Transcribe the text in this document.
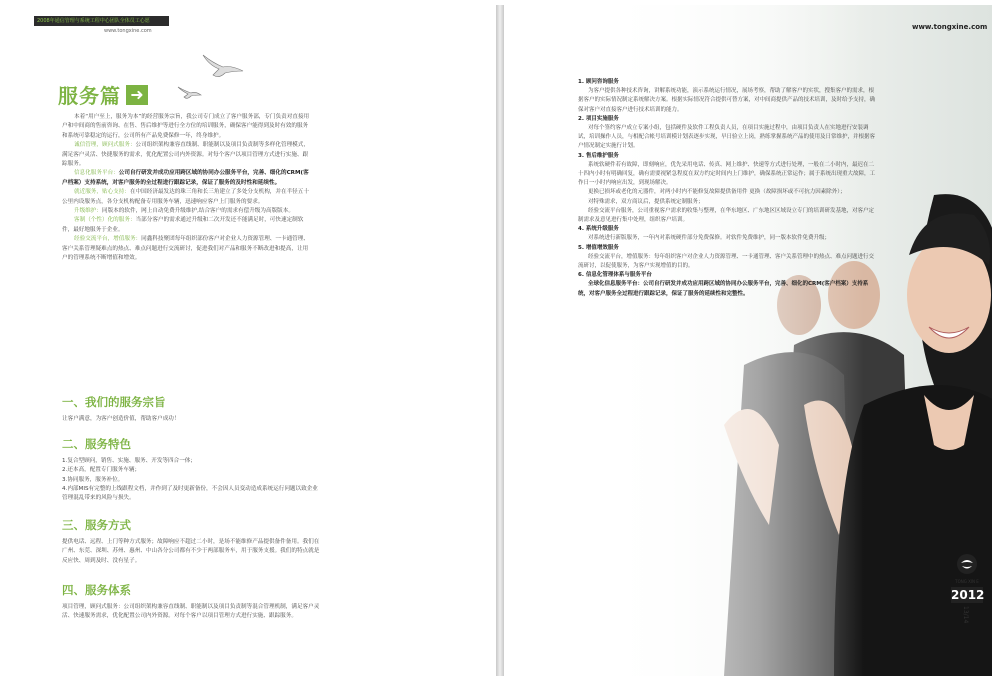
2008年通信管理与系统工程中心团队全体员工心愿
www.tongxine.com
服务篇 ➜

本着“用户至上，服务为本”的经营服务宗旨，我公司专门成立了客户服务部，专门负责对直接用户和中间商的售前咨询、在售、售后维护等进行全方位的培训服务，确保客户能得到及时有效的服务和系统可靠稳定的运行，公司所有产品免费保修一年，终身维护。

诚信管理，顾问式服务：公司组织架构兼容直线制、职能制以及项目负责制等多样化管理模式，满足客户灵活、快捷服务的需求，优化配置公司内外资源。对每个客户以项目管理方式进行实施、跟踪服务。

信息化服务平台：公司自行研发并成功应用跨区域的协同办公服务平台，完善、细化的CRM(客户档案）支持系统，对客户服务的全过程进行跟踪记录，保证了服务的及时性和延续性。

就近服务，贴心支持：在中国经济最发达的珠三角和长三角建立了多处分支机构，并在半径五十公里内设服务点，各分支机构配备专用服务车辆，迅速响应客户上门服务的要求。

升级维护：同版本的软件，网上自动免费升级维护,结合客户的需求有偿升级为高版版本。

客制（个性）化的服务：当部分客户的需求通过升级和二次开发还不能满足时，可快速定制软件，最好地服务于企业。

经验交流平台，增值服务：同鑫科技聚团每年组织部份客户对企业人力资源管理、一卡通管理、客户关系管理疑难点的热点、难点问题进行交流研讨，促进我们对产品和服务不断改进和提高，让用户的管理系统不断增值和增效。

一、我们的服务宗旨
让客户满意，为客户创造价值，帮助客户成功！
二、服务特色
1.复合型顾问，销售、实施、服务、开发等四合一体；
2.还本高，配置专门服务车辆；
3.协同服务，服务补位。
4.内部MIS有完整的上线跟程文档，并作到了及时更新备份，不会因人员变动造成系统运行问题以致企业管理混乱带来的风险与损失。
三、服务方式
提供电话、远程、上门等种方式服务；故障响应不超过二小时，是场不能维修产品提供备件备用。我们在广州、东莞、深圳、苏州、惠州、中山各分公司都有不少于两部服务车，用于服务支援。我们的特点就是反应快、周到及时、没有星子。
四、服务体系
项目管理，顾问式服务：公司组织架构兼容直线制、职能制以及项目负责制等混合管理机制，满足客户灵活、快速服务需求，优化配置公司内外资源。对每个客户以项目管理方式进行实施、跟踪服务。
www.tongxine.com
1. 顾问咨询服务
为客户提供各种技术咨询，讲解系统功能，演示系统运行情况，展场考察，帮助了解客户的实状，搜集客户的需求，根据客户的实际情况制定系统解决方案。根据实际情况符合提供可替方案，对中间商提供产品的技术培训，及时给予支持，确保对客户对直接客户进行技术培训的能力。
2. 项目实施服务
对每个签约客户成立专案小组，包括硬件及软件工程负责人员，在项目实施过程中，由项目负责人在实地进行安装调试，培训操作人员，与相配合帐号培训模计划表逐步实现，早日验立上岗，熟练掌握系统产品的使用及日常维护，并根据客户情况制定实施行计划。
3. 售后维护服务
系统软硬件若有故障，即刻响应，优先采用电话、传真、网上维护、快速等方式进行处理，一般在二小时内，最迟在二十四内小时有明确回复，确有需要视紧急程度在双方约定时间内上门维护，确保系统正常运作；属于系统出现重大故障，工作日一小时内响应出发，到现场解决。
更换已损坏或老化的元器件，对两小时内不能修复故障提供备用件 更换（故障损坏或不可抗力因素除外）；
对特殊需求，双方商议后，提供系统定制服务；
经验交流平台服务，公司重视客户需求的收集与整理，在华东地区、广东地区区域设立专门的培训研发基地，对客户定制需求及意见进行集中处理，组织客户培训。
4. 系统升级服务
对系统进行新版服务，一年内对系统硬件部分免费保修。对软件免费维护，同一版本软件免费升级；
5. 增值增效服务
经验交流平台，增值服务：每年组织客户对企业人力资源管理、一卡通管理、客户关系管理中的热点、难点问题进行交流研讨，以促使服务，为客户实现增值的目的。
6. 信息化管理体系与服务平台
全球化信息服务平台：公司自行研发并成功应用跨区域的协同办公服务平台，完善、细化的CRM(客户档案）支持系统，对客户服务全过程进行跟踪记录，保证了服务的延续性和完整性。
TONG XIN E
2012
13/14
